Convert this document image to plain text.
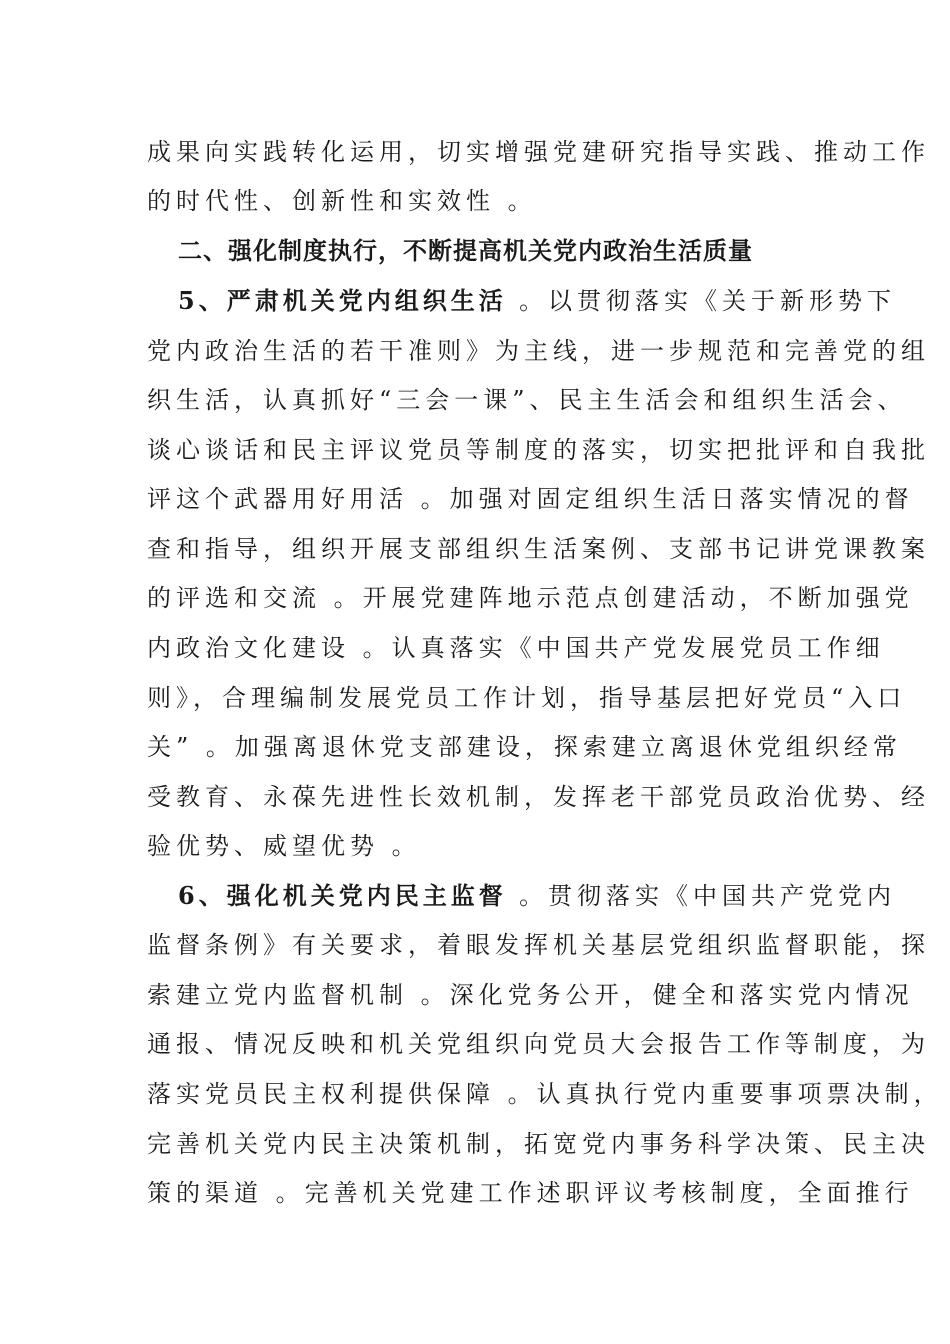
成果向实践转化运用，切实增强党建研究指导实践、推动工作
的时代性、创新性和实效性 。
二、强化制度执行，不断提高机关党内政治生活质量
5、严肃机关党内组织生活 。以贯彻落实《关于新形势下
党内政治生活的若干准则》为主线，进一步规范和完善党的组
织生活，认真抓好“三会一课”、民主生活会和组织生活会、
谈心谈话和民主评议党员等制度的落实，切实把批评和自我批
评这个武器用好用活 。加强对固定组织生活日落实情况的督
查和指导，组织开展支部组织生活案例、支部书记讲党课教案
的评选和交流 。开展党建阵地示范点创建活动，不断加强党
内政治文化建设 。认真落实《中国共产党发展党员工作细
则》，合理编制发展党员工作计划，指导基层把好党员“入口
关” 。加强离退休党支部建设，探索建立离退休党组织经常
受教育、永葆先进性长效机制，发挥老干部党员政治优势、经
验优势、威望优势 。
6、强化机关党内民主监督 。贯彻落实《中国共产党党内
监督条例》有关要求，着眼发挥机关基层党组织监督职能，探
索建立党内监督机制 。深化党务公开，健全和落实党内情况
通报、情况反映和机关党组织向党员大会报告工作等制度，为
落实党员民主权利提供保障 。认真执行党内重要事项票决制，
完善机关党内民主决策机制，拓宽党内事务科学决策、民主决
策的渠道 。完善机关党建工作述职评议考核制度，全面推行
